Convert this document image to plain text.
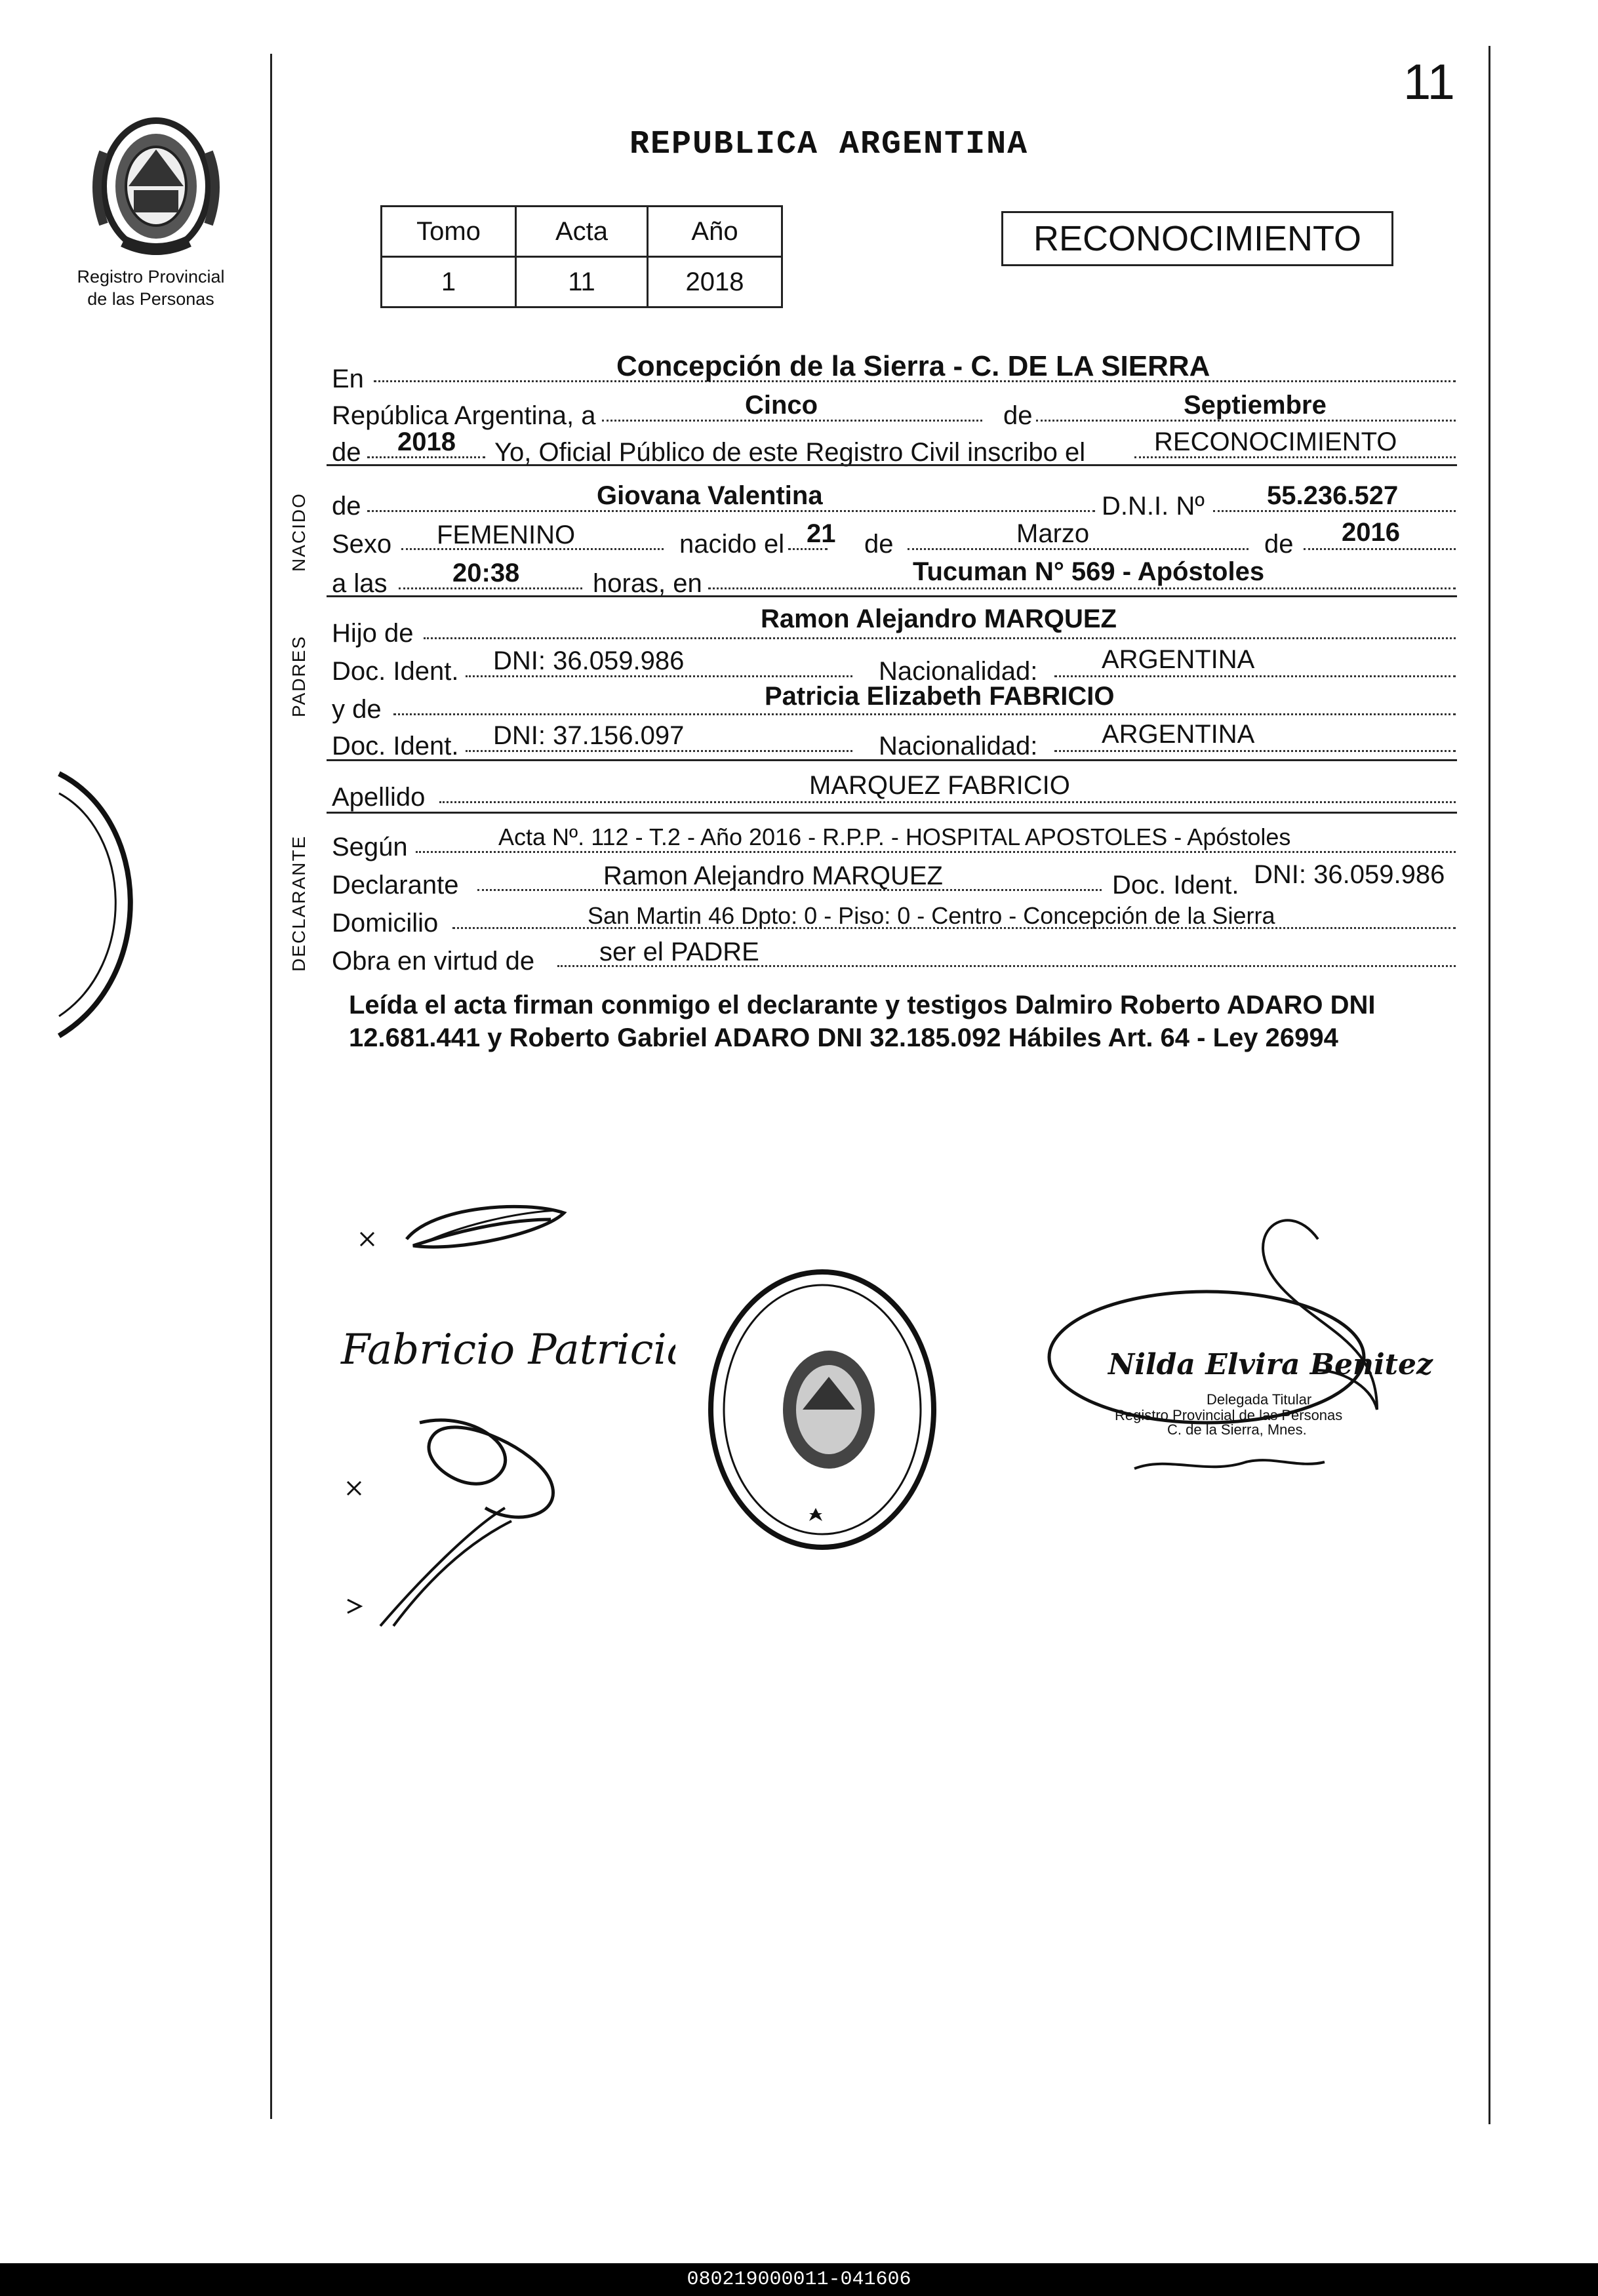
11
REPUBLICA ARGENTINA
Registro Provincial
de las Personas
Tomo	Acta	Año
1	11	2018
RECONOCIMIENTO
En	Concepción de la Sierra - C. DE LA SIERRA
República Argentina, a	Cinco	de	Septiembre
de 2018 Yo, Oficial Público de este Registro Civil inscribo el	RECONOCIMIENTO
NACIDO de	Giovana Valentina	D.N.I. Nº 55.236.527
Sexo FEMENINO	nacido el 21 de	Marzo	de 2016
a las 20:38	horas, en	Tucuman N° 569 - Apóstoles
PADRES
Hijo de	Ramon Alejandro MARQUEZ
Doc. Ident. DNI: 36.059.986	Nacionalidad: ARGENTINA
y de	Patricia Elizabeth FABRICIO
Doc. Ident. DNI: 37.156.097	Nacionalidad: ARGENTINA
Apellido	MARQUEZ FABRICIO
DECLARANTE Según	Acta Nº. 112 - T.2 - Año 2016 - R.P.P. - HOSPITAL APOSTOLES - Apóstoles
Declarante	Ramon Alejandro MARQUEZ	Doc. Ident. DNI: 36.059.986
Domicilio	San Martin 46 Dpto: 0 - Piso: 0 - Centro - Concepción de la Sierra
Obra en virtud de ser el PADRE
Leída el acta firman conmigo el declarante y testigos Dalmiro Roberto ADARO DNI 12.681.441 y Roberto Gabriel ADARO DNI 32.185.092 Hábiles Art. 64 - Ley 26994
Fabricio Patricia	Nilda Elvira Benitez
Delegada Titular
Registro Provincial de las Personas
C. de la Sierra, Mnes.
080219000011-041606
